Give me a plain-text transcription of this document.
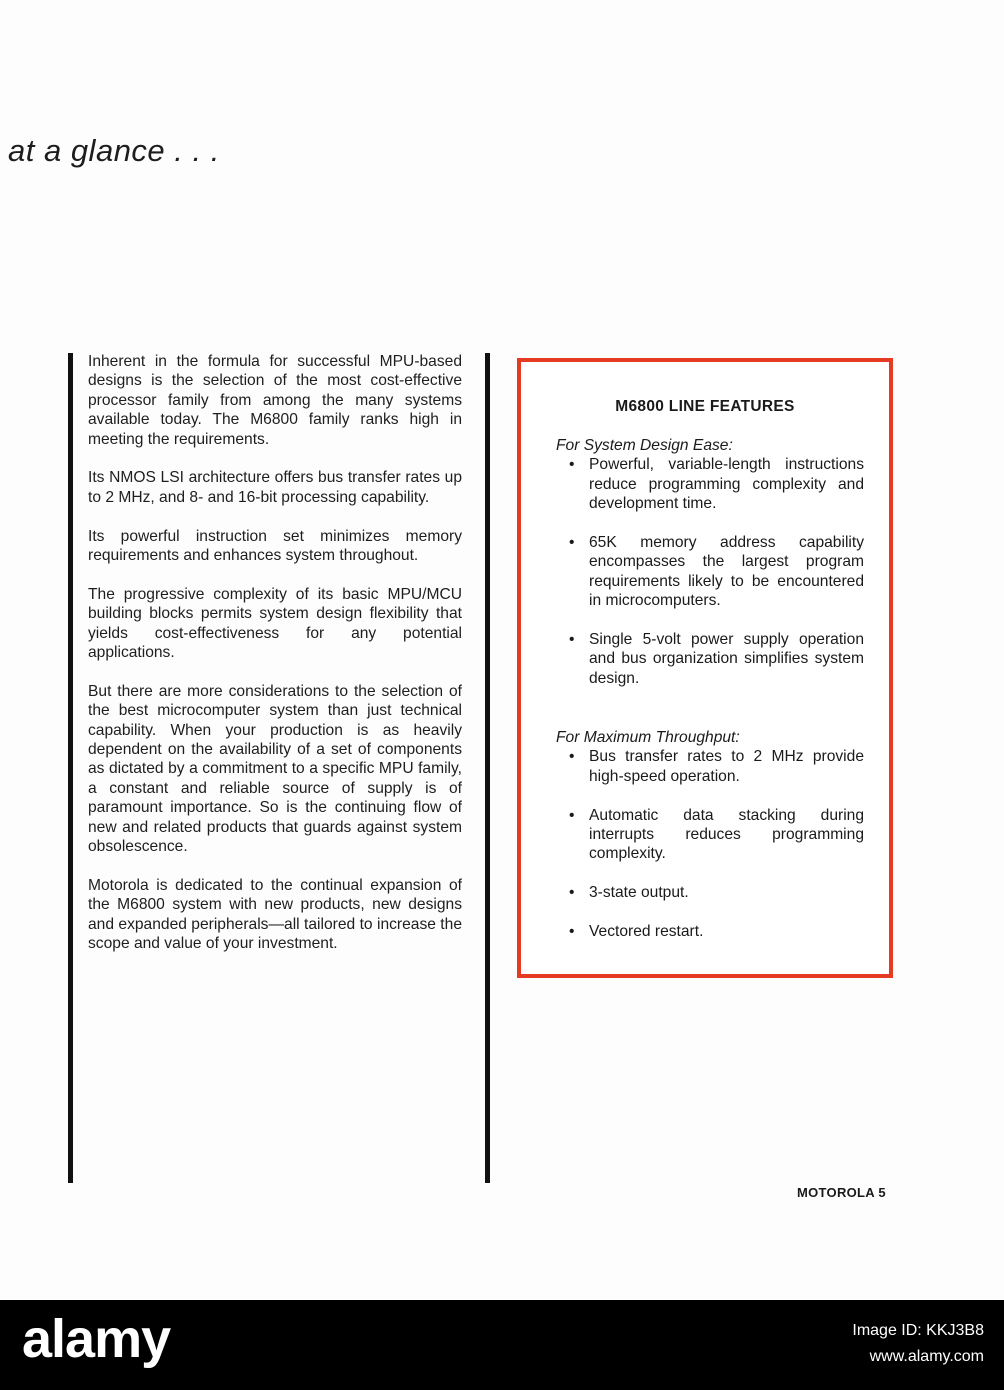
at a glance . . .

Inherent in the formula for successful MPU-based designs is the selection of the most cost-effective processor family from among the many systems available today. The M6800 family ranks high in meeting the requirements.

Its NMOS LSI architecture offers bus transfer rates up to 2 MHz, and 8- and 16-bit processing capability.

Its powerful instruction set minimizes memory requirements and enhances system throughout.

The progressive complexity of its basic MPU/MCU building blocks permits system design flexibility that yields cost-effectiveness for any potential applications.

But there are more considerations to the selection of the best microcomputer system than just technical capability. When your production is as heavily dependent on the availability of a set of components as dictated by a commitment to a specific MPU family, a constant and reliable source of supply is of paramount importance. So is the continuing flow of new and related products that guards against system obsolescence.

Motorola is dedicated to the continual expansion of the M6800 system with new products, new designs and expanded peripherals—all tailored to increase the scope and value of your investment.

M6800 LINE FEATURES

For System Design Ease:

• Powerful, variable-length instructions reduce programming complexity and development time.
• 65K memory address capability encompasses the largest program requirements likely to be encountered in microcomputers.
• Single 5-volt power supply operation and bus organization simplifies system design.

For Maximum Throughput:

• Bus transfer rates to 2 MHz provide high-speed operation.
• Automatic data stacking during interrupts reduces programming complexity.
• 3-state output.
• Vectored restart.
MOTOROLA 5
alamy	Image ID: KKJ3B8
www.alamy.com
